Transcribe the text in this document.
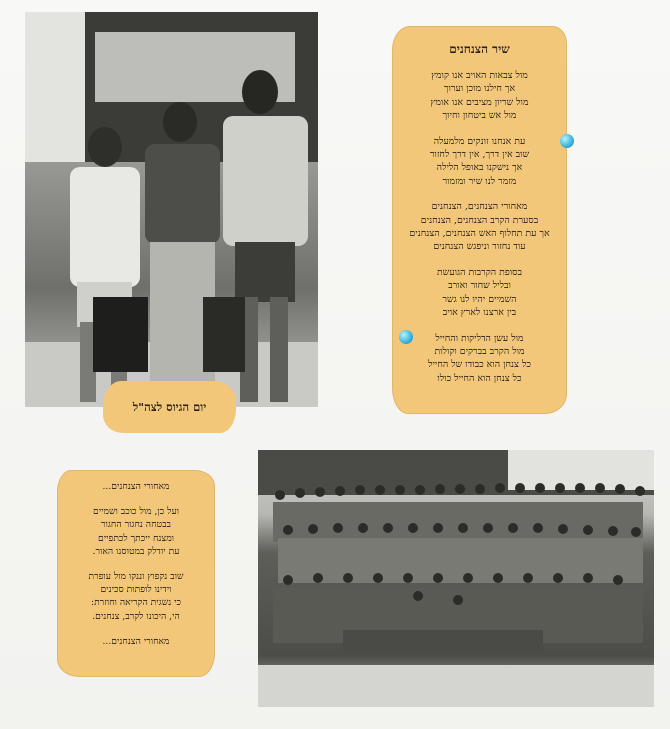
יום הגיוס לצה"ל
שיר הצנחנים
מול צבאות האויב אנו קומץ
אך חילנו מוכן וערוך
מול שריון מציבים אנו אומץ
מול אש ביטחון וחיוך
עת אנחנו זונקים מלמעלה
שוב אין דרך, אין דרך לחזור
אך נישקנו באופל הלילה
מזמר לנו שיר ומזמור
מאחורי הצנחנים, הצנחנים
בסערת הקרב הצנחנים, הצנחנים
אך עת תחלוף האש הצנחנים, הצנחנים
עוד נחזור וניפגש הצנחנים
בסופת הקרבות הגועשת
ובליל שחור ואורב
השמיים יהיו לנו גשר
בין ארצנו לארץ אויב
מול עשן הדליקות והחייל
מול הקרב בברקים וקולות
כל צנחן הוא כבודו של החייל
כל צנחן הוא החייל כולו
מאחורי הצנחנים...
ועל כן, מול כוכב ושמיים
בבטחה נחגור החגור
ומצנח ייכתך לכתפיים
עת יודלק במטוסנו האור.
שוב נקפוץ וננקו מול עופרת
וידינו לופתות סכינים
כי נשגית הקריאה וחוזרת:
הי, היכונו לקרב, צנחנים.
מאחורי הצנחנים...
